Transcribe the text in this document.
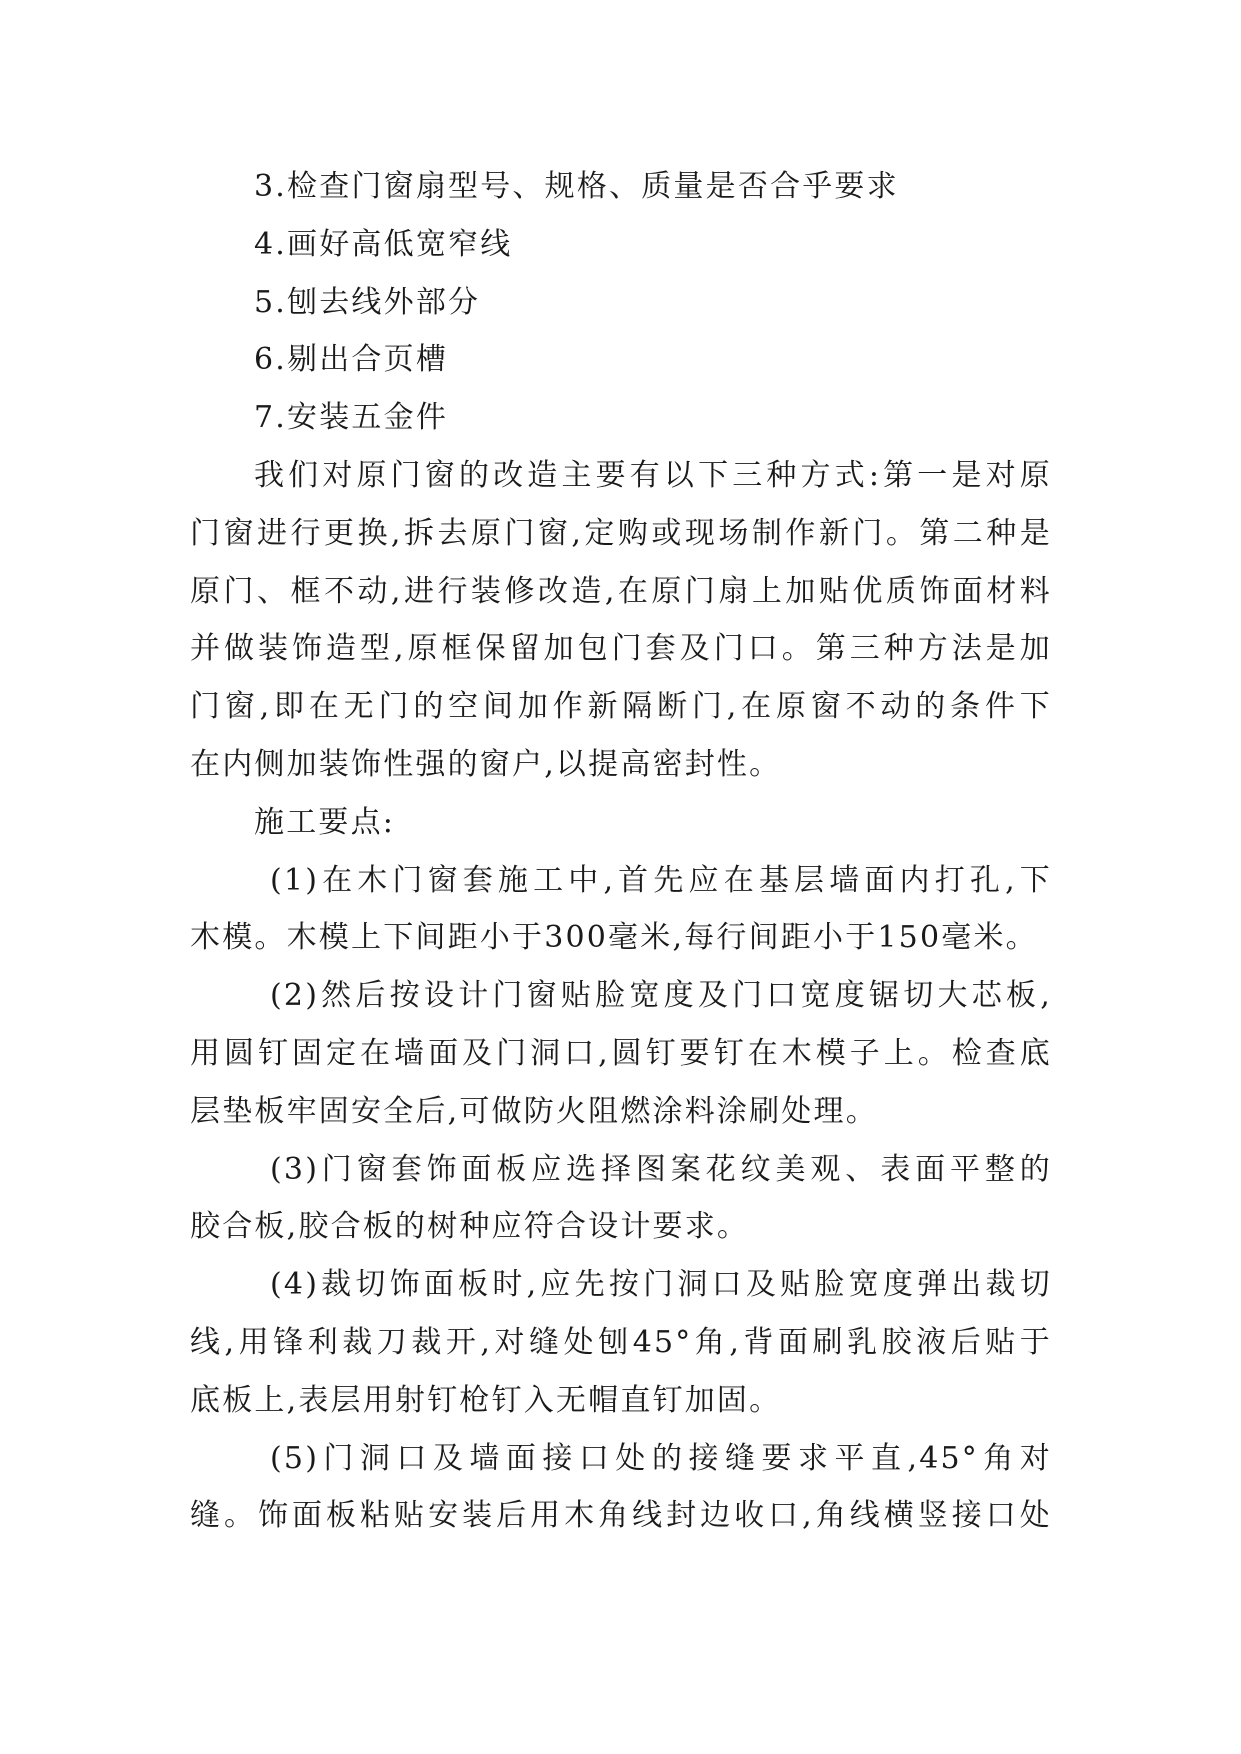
3.检查门窗扇型号、规格、质量是否合乎要求
4.画好高低宽窄线
5.刨去线外部分
6.剔出合页槽
7.安装五金件
我们对原门窗的改造主要有以下三种方式:第一是对原
门窗进行更换,拆去原门窗,定购或现场制作新门。第二种是
原门、框不动,进行装修改造,在原门扇上加贴优质饰面材料
并做装饰造型,原框保留加包门套及门口。第三种方法是加
门窗,即在无门的空间加作新隔断门,在原窗不动的条件下
在内侧加装饰性强的窗户,以提高密封性。
施工要点:
(1)在木门窗套施工中,首先应在基层墙面内打孔,下
木模。木模上下间距小于300毫米,每行间距小于150毫米。
(2)然后按设计门窗贴脸宽度及门口宽度锯切大芯板,
用圆钉固定在墙面及门洞口,圆钉要钉在木模子上。检查底
层垫板牢固安全后,可做防火阻燃涂料涂刷处理。
(3)门窗套饰面板应选择图案花纹美观、表面平整的
胶合板,胶合板的树种应符合设计要求。
(4)裁切饰面板时,应先按门洞口及贴脸宽度弹出裁切
线,用锋利裁刀裁开,对缝处刨45°角,背面刷乳胶液后贴于
底板上,表层用射钉枪钉入无帽直钉加固。
(5)门洞口及墙面接口处的接缝要求平直,45°角对
缝。饰面板粘贴安装后用木角线封边收口,角线横竖接口处
